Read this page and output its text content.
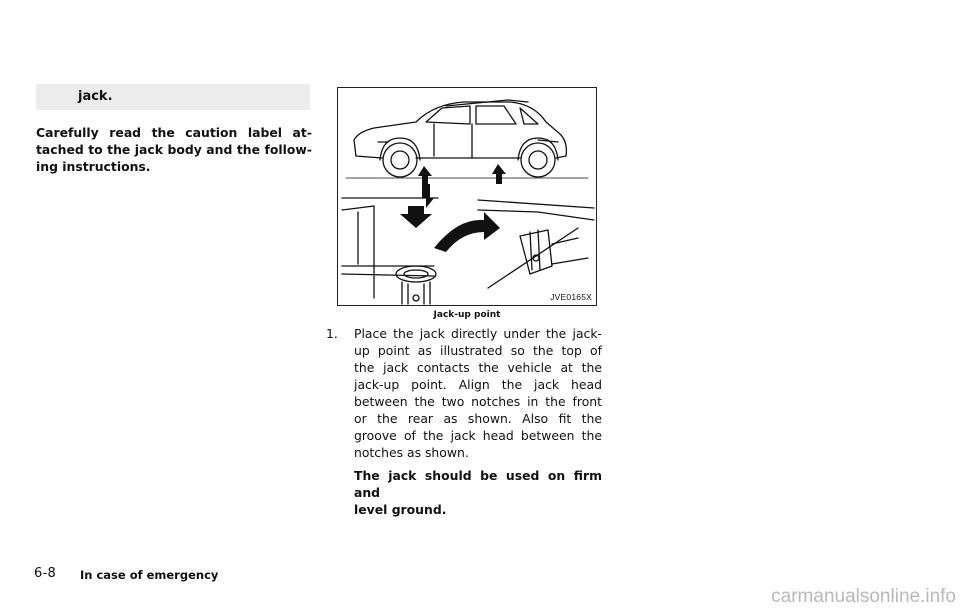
jack.

Carefully read the caution label at-
tached to the jack body and the follow-
ing instructions.

JVE0165X
Jack-up point
1. Place the jack directly under the jack-
up point as illustrated so the top of
the jack contacts the vehicle at the
jack-up point. Align the jack head
between the two notches in the front
or the rear as shown. Also fit the
groove of the jack head between the
notches as shown.
The jack should be used on firm and
level ground.
6-8 In case of emergency
carmanualsonline.info
